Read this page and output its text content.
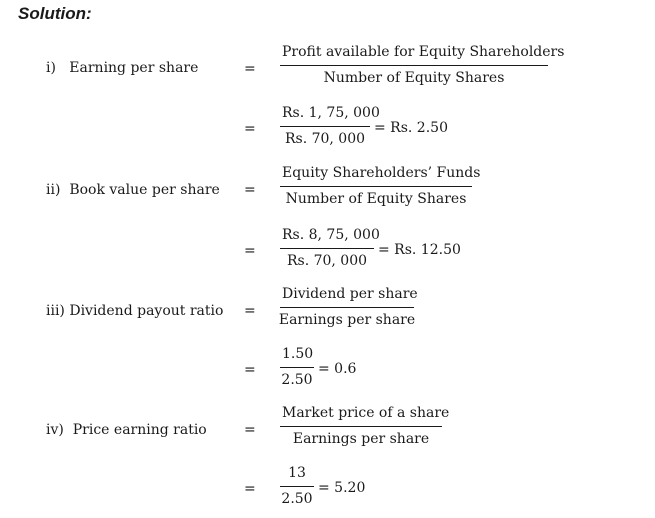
Solution:
i)   Earning per share	=
Profit available for Equity Shareholders
Number of Equity Shares
= $\frac{Rs. 1, 75, 000}{Rs. 70, 000} = Rs$. 2.50
ii)  Book value per share =
Equity Shareholders’ Funds
Number of Equity Shares
= $\frac{Rs. 8, 75, 000}{Rs. 70, 000} = Rs$. 12.50
iii) Dividend payout ratio =
Dividend per share
Earnings per share
= $\frac{1.50}{2.50} = 0.6$
iv)  Price earning ratio	=
Market price of a share
Earnings per share
= $\frac{13}{2.50} = 5.20$
